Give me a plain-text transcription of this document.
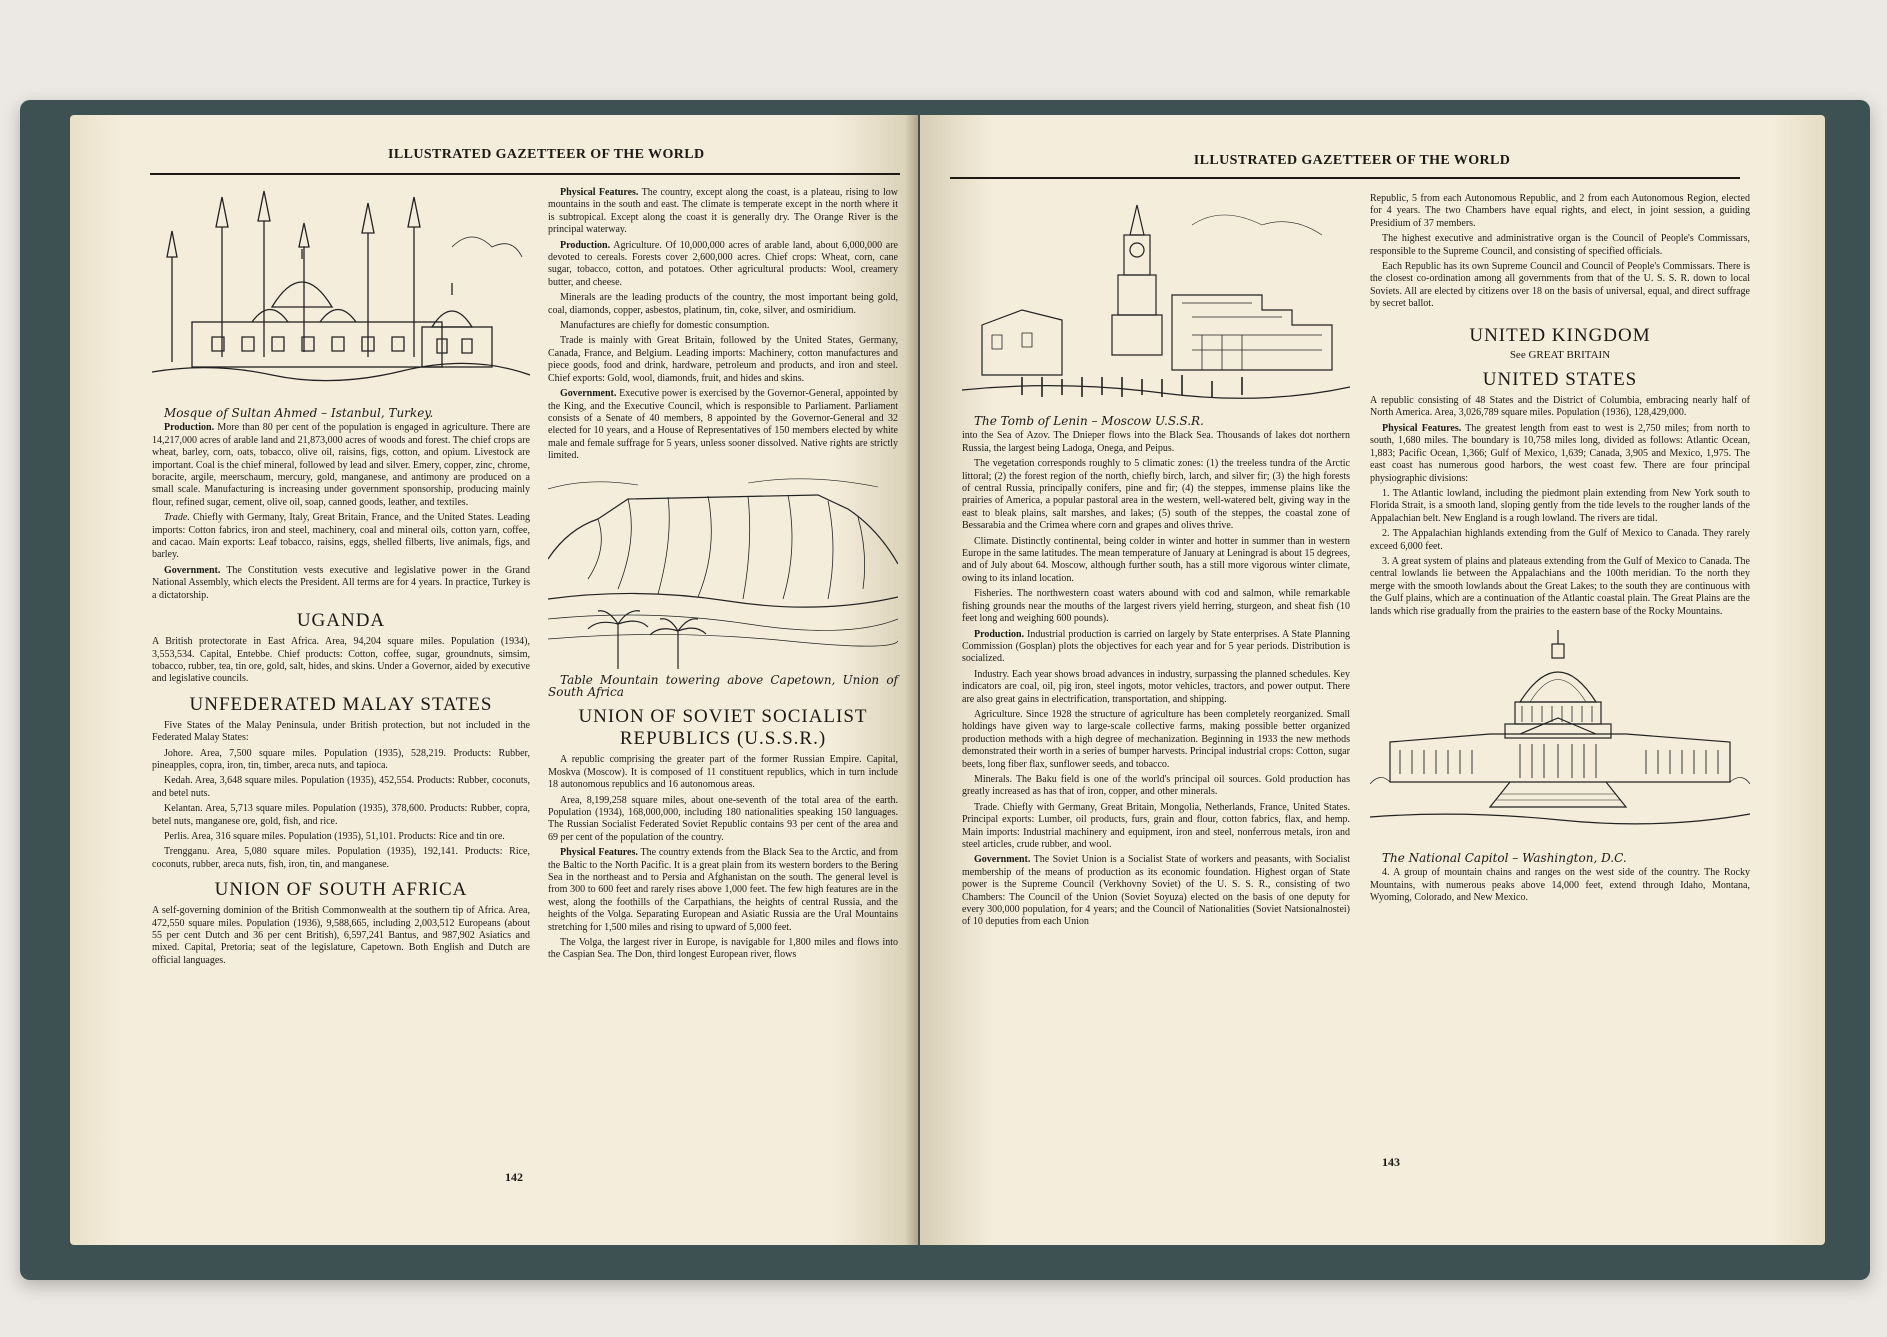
ILLUSTRATED GAZETTEER OF THE WORLD

Mosque of Sultan Ahmed – Istanbul, Turkey.

Production. More than 80 per cent of the population is engaged in agriculture. There are 14,217,000 acres of arable land and 21,873,000 acres of woods and forest. The chief crops are wheat, barley, corn, oats, tobacco, olive oil, raisins, figs, cotton, and opium. Livestock are important. Coal is the chief mineral, followed by lead and silver. Emery, copper, zinc, chrome, boracite, argile, meerschaum, mercury, gold, manganese, and antimony are produced on a small scale. Manufacturing is increasing under government sponsorship, producing mainly flour, refined sugar, cement, olive oil, soap, canned goods, leather, and textiles.

Trade. Chiefly with Germany, Italy, Great Britain, France, and the United States. Leading imports: Cotton fabrics, iron and steel, machinery, coal and mineral oils, cotton yarn, coffee, and cacao. Main exports: Leaf tobacco, raisins, eggs, shelled filberts, live animals, figs, and barley.

Government. The Constitution vests executive and legislative power in the Grand National Assembly, which elects the President. All terms are for 4 years. In practice, Turkey is a dictatorship.

UGANDA

A British protectorate in East Africa. Area, 94,204 square miles. Population (1934), 3,553,534. Capital, Entebbe. Chief products: Cotton, coffee, sugar, groundnuts, simsim, tobacco, rubber, tea, tin ore, gold, salt, hides, and skins. Under a Governor, aided by executive and legislative councils.

UNFEDERATED MALAY STATES

Five States of the Malay Peninsula, under British protection, but not included in the Federated Malay States:

Johore. Area, 7,500 square miles. Population (1935), 528,219. Products: Rubber, pineapples, copra, iron, tin, timber, areca nuts, and tapioca.

Kedah. Area, 3,648 square miles. Population (1935), 452,554. Products: Rubber, coconuts, and betel nuts.

Kelantan. Area, 5,713 square miles. Population (1935), 378,600. Products: Rubber, copra, betel nuts, manganese ore, gold, fish, and rice.

Perlis. Area, 316 square miles. Population (1935), 51,101. Products: Rice and tin ore.

Trengganu. Area, 5,080 square miles. Population (1935), 192,141. Products: Rice, coconuts, rubber, areca nuts, fish, iron, tin, and manganese.

UNION OF SOUTH AFRICA

A self-governing dominion of the British Commonwealth at the southern tip of Africa. Area, 472,550 square miles. Population (1936), 9,588,665, including 2,003,512 Europeans (about 55 per cent Dutch and 36 per cent British), 6,597,241 Bantus, and 987,902 Asiatics and mixed. Capital, Pretoria; seat of the legislature, Capetown. Both English and Dutch are official languages.

Physical Features. The country, except along the coast, is a plateau, rising to low mountains in the south and east. The climate is temperate except in the north where it is subtropical. Except along the coast it is generally dry. The Orange River is the principal waterway.

Production. Agriculture. Of 10,000,000 acres of arable land, about 6,000,000 are devoted to cereals. Forests cover 2,600,000 acres. Chief crops: Wheat, corn, cane sugar, tobacco, cotton, and potatoes. Other agricultural products: Wool, creamery butter, and cheese.

Minerals are the leading products of the country, the most important being gold, coal, diamonds, copper, asbestos, platinum, tin, coke, silver, and osmiridium.

Manufactures are chiefly for domestic consumption.

Trade is mainly with Great Britain, followed by the United States, Germany, Canada, France, and Belgium. Leading imports: Machinery, cotton manufactures and piece goods, food and drink, hardware, petroleum and products, and iron and steel. Chief exports: Gold, wool, diamonds, fruit, and hides and skins.

Government. Executive power is exercised by the Governor-General, appointed by the King, and the Executive Council, which is responsible to Parliament. Parliament consists of a Senate of 40 members, 8 appointed by the Governor-General and 32 elected for 10 years, and a House of Representatives of 150 members elected by white male and female suffrage for 5 years, unless sooner dissolved. Native rights are strictly limited.

Table Mountain towering above Capetown, Union of South Africa

UNION OF SOVIET SOCIALIST REPUBLICS (U.S.S.R.)

A republic comprising the greater part of the former Russian Empire. Capital, Moskva (Moscow). It is composed of 11 constituent republics, which in turn include 18 autonomous republics and 16 autonomous areas.

Area, 8,199,258 square miles, about one-seventh of the total area of the earth. Population (1934), 168,000,000, including 180 nationalities speaking 150 languages. The Russian Socialist Federated Soviet Republic contains 93 per cent of the area and 69 per cent of the population of the country.

Physical Features. The country extends from the Black Sea to the Arctic, and from the Baltic to the North Pacific. It is a great plain from its western borders to the Bering Sea in the northeast and to Persia and Afghanistan on the south. The general level is from 300 to 600 feet and rarely rises above 1,000 feet. The few high features are in the west, along the foothills of the Carpathians, the heights of central Russia, and the heights of the Volga. Separating European and Asiatic Russia are the Ural Mountains stretching for 1,500 miles and rising to upward of 5,000 feet.

The Volga, the largest river in Europe, is navigable for 1,800 miles and flows into the Caspian Sea. The Don, third longest European river, flows

142
ILLUSTRATED GAZETTEER OF THE WORLD

The Tomb of Lenin – Moscow U.S.S.R.

into the Sea of Azov. The Dnieper flows into the Black Sea. Thousands of lakes dot northern Russia, the largest being Ladoga, Onega, and Peipus.

The vegetation corresponds roughly to 5 climatic zones: (1) the treeless tundra of the Arctic littoral; (2) the forest region of the north, chiefly birch, larch, and silver fir; (3) the high forests of central Russia, principally conifers, pine and fir; (4) the steppes, immense plains like the prairies of America, a popular pastoral area in the western, well-watered belt, giving way in the east to bleak plains, salt marshes, and lakes; (5) south of the steppes, the coastal zone of Bessarabia and the Crimea where corn and grapes and olives thrive.

Climate. Distinctly continental, being colder in winter and hotter in summer than in western Europe in the same latitudes. The mean temperature of January at Leningrad is about 15 degrees, and of July about 64. Moscow, although further south, has a still more vigorous winter climate, owing to its inland location.

Fisheries. The northwestern coast waters abound with cod and salmon, while remarkable fishing grounds near the mouths of the largest rivers yield herring, sturgeon, and sheat fish (10 feet long and weighing 600 pounds).

Production. Industrial production is carried on largely by State enterprises. A State Planning Commission (Gosplan) plots the objectives for each year and for 5 year periods. Distribution is socialized.

Industry. Each year shows broad advances in industry, surpassing the planned schedules. Key indicators are coal, oil, pig iron, steel ingots, motor vehicles, tractors, and power output. There are also great gains in electrification, transportation, and shipping.

Agriculture. Since 1928 the structure of agriculture has been completely reorganized. Small holdings have given way to large-scale collective farms, making possible better organized production methods with a high degree of mechanization. Beginning in 1933 the new methods demonstrated their worth in a series of bumper harvests. Principal industrial crops: Cotton, sugar beets, long fiber flax, sunflower seeds, and tobacco.

Minerals. The Baku field is one of the world's principal oil sources. Gold production has greatly increased as has that of iron, copper, and other minerals.

Trade. Chiefly with Germany, Great Britain, Mongolia, Netherlands, France, United States. Principal exports: Lumber, oil products, furs, grain and flour, cotton fabrics, flax, and hemp. Main imports: Industrial machinery and equipment, iron and steel, nonferrous metals, iron and steel articles, crude rubber, and wool.

Government. The Soviet Union is a Socialist State of workers and peasants, with Socialist membership of the means of production as its economic foundation. Highest organ of State power is the Supreme Council (Verkhovny Soviet) of the U. S. S. R., consisting of two Chambers: The Council of the Union (Soviet Soyuza) elected on the basis of one deputy for every 300,000 population, for 4 years; and the Council of Nationalities (Soviet Natsionalnostei) of 10 deputies from each Union

Republic, 5 from each Autonomous Republic, and 2 from each Autonomous Region, elected for 4 years. The two Chambers have equal rights, and elect, in joint session, a guiding Presidium of 37 members.

The highest executive and administrative organ is the Council of People's Commissars, responsible to the Supreme Council, and consisting of specified officials.

Each Republic has its own Supreme Council and Council of People's Commissars. There is the closest co-ordination among all governments from that of the U. S. S. R. down to local Soviets. All are elected by citizens over 18 on the basis of universal, equal, and direct suffrage by secret ballot.

UNITED KINGDOM
See GREAT BRITAIN
UNITED STATES

A republic consisting of 48 States and the District of Columbia, embracing nearly half of North America. Area, 3,026,789 square miles. Population (1936), 128,429,000.

Physical Features. The greatest length from east to west is 2,750 miles; from north to south, 1,680 miles. The boundary is 10,758 miles long, divided as follows: Atlantic Ocean, 1,883; Pacific Ocean, 1,366; Gulf of Mexico, 1,639; Canada, 3,905 and Mexico, 1,975. The east coast has numerous good harbors, the west coast few. There are four principal physiographic divisions:

1. The Atlantic lowland, including the piedmont plain extending from New York south to Florida Strait, is a smooth land, sloping gently from the tide levels to the rougher lands of the Appalachian belt. New England is a rough lowland. The rivers are tidal.

2. The Appalachian highlands extending from the Gulf of Mexico to Canada. They rarely exceed 6,000 feet.

3. A great system of plains and plateaus extending from the Gulf of Mexico to Canada. The central lowlands lie between the Appalachians and the 100th meridian. To the north they merge with the smooth lowlands about the Great Lakes; to the south they are continuous with the Gulf plains, which are a continuation of the Atlantic coastal plain. The Great Plains are the lands which rise gradually from the prairies to the eastern base of the Rocky Mountains.

The National Capitol – Washington, D.C.

4. A group of mountain chains and ranges on the west side of the country. The Rocky Mountains, with numerous peaks above 14,000 feet, extend through Idaho, Montana, Wyoming, Colorado, and New Mexico.

143
